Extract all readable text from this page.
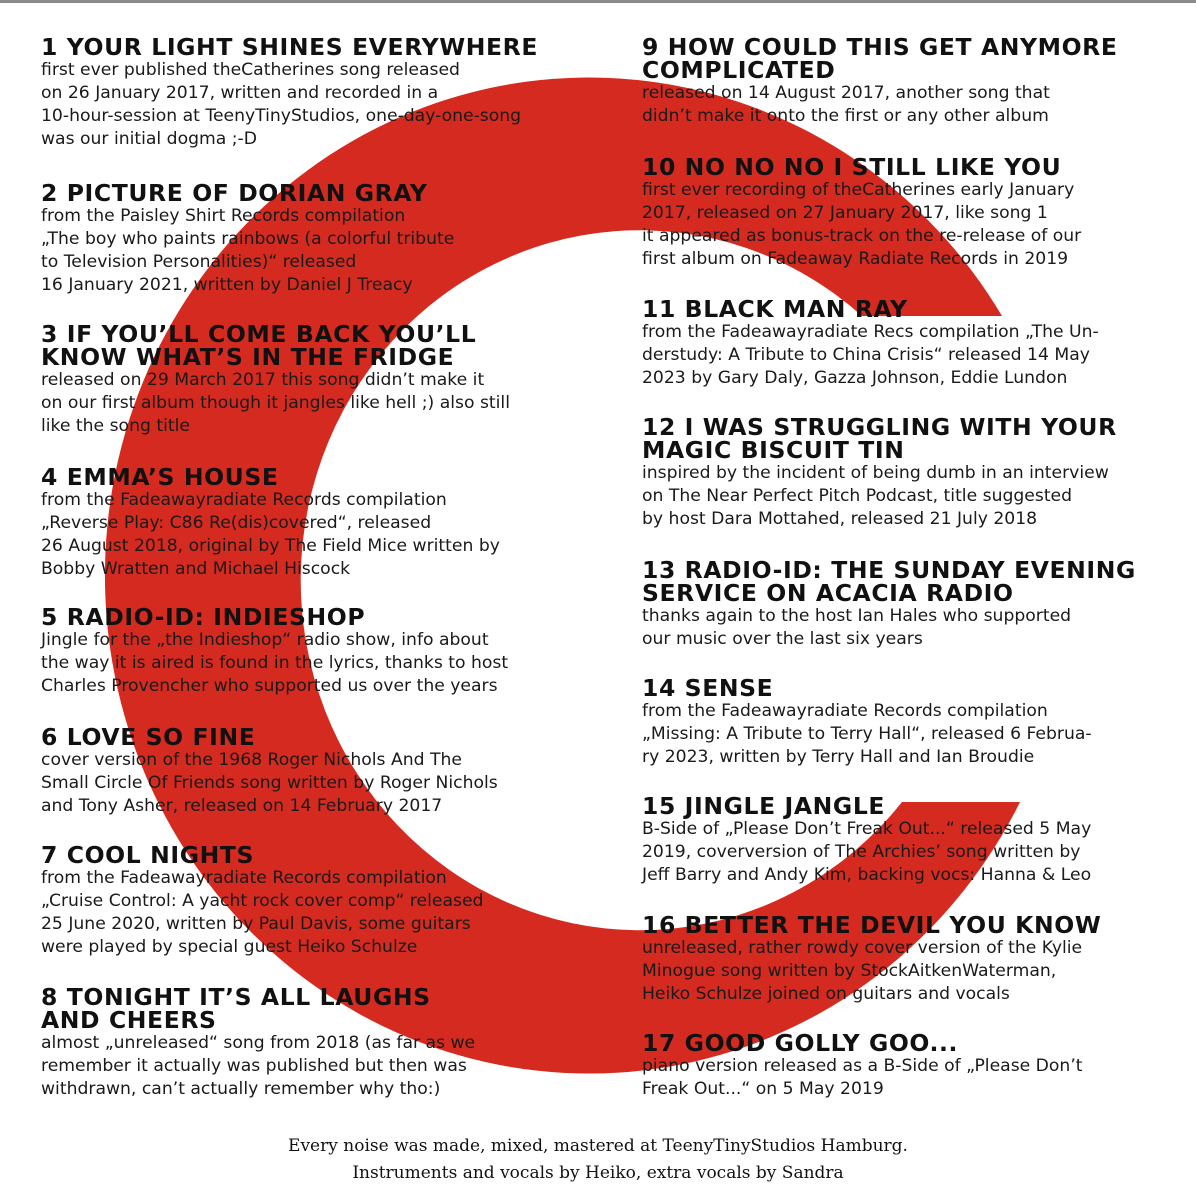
1 YOUR LIGHT SHINES EVERYWHERE

first ever published theCatherines song released
on 26 January 2017, written and recorded in a
10-hour-session at TeenyTinyStudios, one-day-one-song
was our initial dogma ;-D

2 PICTURE OF DORIAN GRAY

from the Paisley Shirt Records compilation
„The boy who paints rainbows (a colorful tribute
to Television Personalities)“ released
16 January 2021, written by Daniel J Treacy

3 IF YOU’LL COME BACK YOU’LL
KNOW WHAT’S IN THE FRIDGE

released on 29 March 2017 this song didn’t make it
on our first album though it jangles like hell ;) also still
like the song title

4 EMMA’S HOUSE

from the Fadeawayradiate Records compilation
„Reverse Play: C86 Re(dis)covered“, released
26 August 2018, original by The Field Mice written by
Bobby Wratten and Michael Hiscock

5 RADIO-ID: INDIESHOP

Jingle for the „the Indieshop“ radio show, info about
the way it is aired is found in the lyrics, thanks to host
Charles Provencher who supported us over the years

6 LOVE SO FINE

cover version of the 1968 Roger Nichols And The
Small Circle Of Friends song written by Roger Nichols
and Tony Asher, released on 14 February 2017

7 COOL NIGHTS

from the Fadeawayradiate Records compilation
„Cruise Control: A yacht rock cover comp“ released
25 June 2020, written by Paul Davis, some guitars
were played by special guest Heiko Schulze

8 TONIGHT IT’S ALL LAUGHS
AND CHEERS

almost „unreleased“ song from 2018 (as far as we
remember it actually was published but then was
withdrawn, can’t actually remember why tho:)

9 HOW COULD THIS GET ANYMORE
COMPLICATED

released on 14 August 2017, another song that
didn’t make it onto the first or any other album

10 NO NO NO I STILL LIKE YOU

first ever recording of theCatherines early January
2017, released on 27 January 2017, like song 1
it appeared as bonus-track on the re-release of our
first album on Fadeaway Radiate Records in 2019

11 BLACK MAN RAY

from the Fadeawayradiate Recs compilation „The Un-
derstudy: A Tribute to China Crisis“ released 14 May
2023 by Gary Daly, Gazza Johnson, Eddie Lundon

12 I WAS STRUGGLING WITH YOUR
MAGIC BISCUIT TIN

inspired by the incident of being dumb in an interview
on The Near Perfect Pitch Podcast, title suggested
by host Dara Mottahed, released 21 July 2018

13 RADIO-ID: THE SUNDAY EVENING
SERVICE ON ACACIA RADIO

thanks again to the host Ian Hales who supported
our music over the last six years

14 SENSE

from the Fadeawayradiate Records compilation
„Missing: A Tribute to Terry Hall“, released 6 Februa-
ry 2023, written by Terry Hall and Ian Broudie

15 JINGLE JANGLE

B-Side of „Please Don’t Freak Out...“ released 5 May
2019, coverversion of The Archies’ song written by
Jeff Barry and Andy Kim, backing vocs: Hanna & Leo

16 BETTER THE DEVIL YOU KNOW

unreleased, rather rowdy cover version of the Kylie
Minogue song written by StockAitkenWaterman,
Heiko Schulze joined on guitars and vocals

17 GOOD GOLLY GOO...

piano version released as a B-Side of „Please Don’t
Freak Out...“ on 5 May 2019

Every noise was made, mixed, mastered at TeenyTinyStudios Hamburg.

Instruments and vocals by Heiko, extra vocals by Sandra
